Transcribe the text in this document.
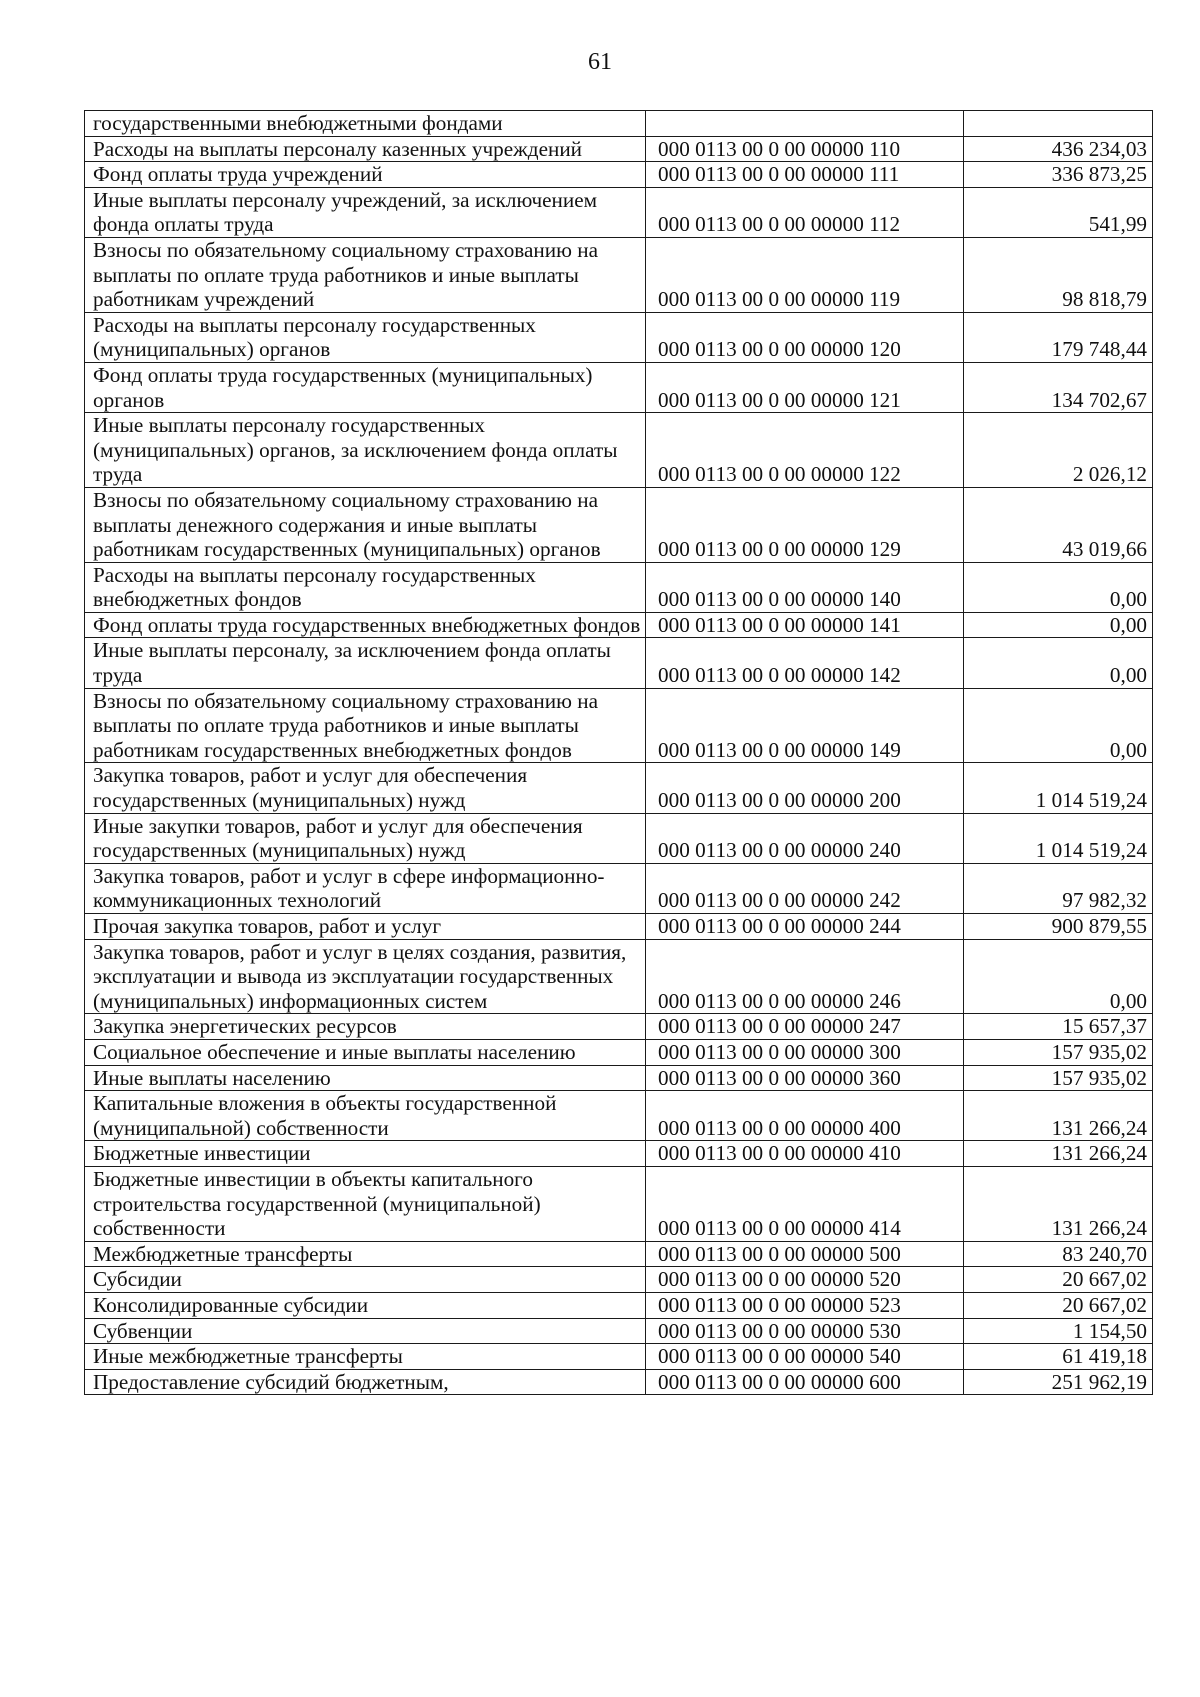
61
государственными внебюджетными фондами		
Расходы на выплаты персоналу казенных учреждений	000 0113 00 0 00 00000 110	436 234,03
Фонд оплаты труда учреждений	000 0113 00 0 00 00000 111	336 873,25
Иные выплаты персоналу учреждений, за исключением фонда оплаты труда	000 0113 00 0 00 00000 112	541,99
Взносы по обязательному социальному страхованию на выплаты по оплате труда работников и иные выплаты работникам учреждений	000 0113 00 0 00 00000 119	98 818,79
Расходы на выплаты персоналу государственных (муниципальных) органов	000 0113 00 0 00 00000 120	179 748,44
Фонд оплаты труда государственных (муниципальных) органов	000 0113 00 0 00 00000 121	134 702,67
Иные выплаты персоналу государственных (муниципальных) органов, за исключением фонда оплаты труда	000 0113 00 0 00 00000 122	2 026,12
Взносы по обязательному социальному страхованию на выплаты денежного содержания и иные выплаты работникам государственных (муниципальных) органов	000 0113 00 0 00 00000 129	43 019,66
Расходы на выплаты персоналу государственных внебюджетных фондов	000 0113 00 0 00 00000 140	0,00
Фонд оплаты труда государственных внебюджетных фондов	000 0113 00 0 00 00000 141	0,00
Иные выплаты персоналу, за исключением фонда оплаты труда	000 0113 00 0 00 00000 142	0,00
Взносы по обязательному социальному страхованию на выплаты по оплате труда работников и иные выплаты работникам государственных внебюджетных фондов	000 0113 00 0 00 00000 149	0,00
Закупка товаров, работ и услуг для обеспечения государственных (муниципальных) нужд	000 0113 00 0 00 00000 200	1 014 519,24
Иные закупки товаров, работ и услуг для обеспечения государственных (муниципальных) нужд	000 0113 00 0 00 00000 240	1 014 519,24
Закупка товаров, работ и услуг в сфере информационно-коммуникационных технологий	000 0113 00 0 00 00000 242	97 982,32
Прочая закупка товаров, работ и услуг	000 0113 00 0 00 00000 244	900 879,55
Закупка товаров, работ и услуг в целях создания, развития, эксплуатации и вывода из эксплуатации государственных (муниципальных) информационных систем	000 0113 00 0 00 00000 246	0,00
Закупка энергетических ресурсов	000 0113 00 0 00 00000 247	15 657,37
Социальное обеспечение и иные выплаты населению	000 0113 00 0 00 00000 300	157 935,02
Иные выплаты населению	000 0113 00 0 00 00000 360	157 935,02
Капитальные вложения в объекты государственной (муниципальной) собственности	000 0113 00 0 00 00000 400	131 266,24
Бюджетные инвестиции	000 0113 00 0 00 00000 410	131 266,24
Бюджетные инвестиции в объекты капитального строительства государственной (муниципальной) собственности	000 0113 00 0 00 00000 414	131 266,24
Межбюджетные трансферты	000 0113 00 0 00 00000 500	83 240,70
Субсидии	000 0113 00 0 00 00000 520	20 667,02
Консолидированные субсидии	000 0113 00 0 00 00000 523	20 667,02
Субвенции	000 0113 00 0 00 00000 530	1 154,50
Иные межбюджетные трансферты	000 0113 00 0 00 00000 540	61 419,18
Предоставление субсидий бюджетным,	000 0113 00 0 00 00000 600	251 962,19
